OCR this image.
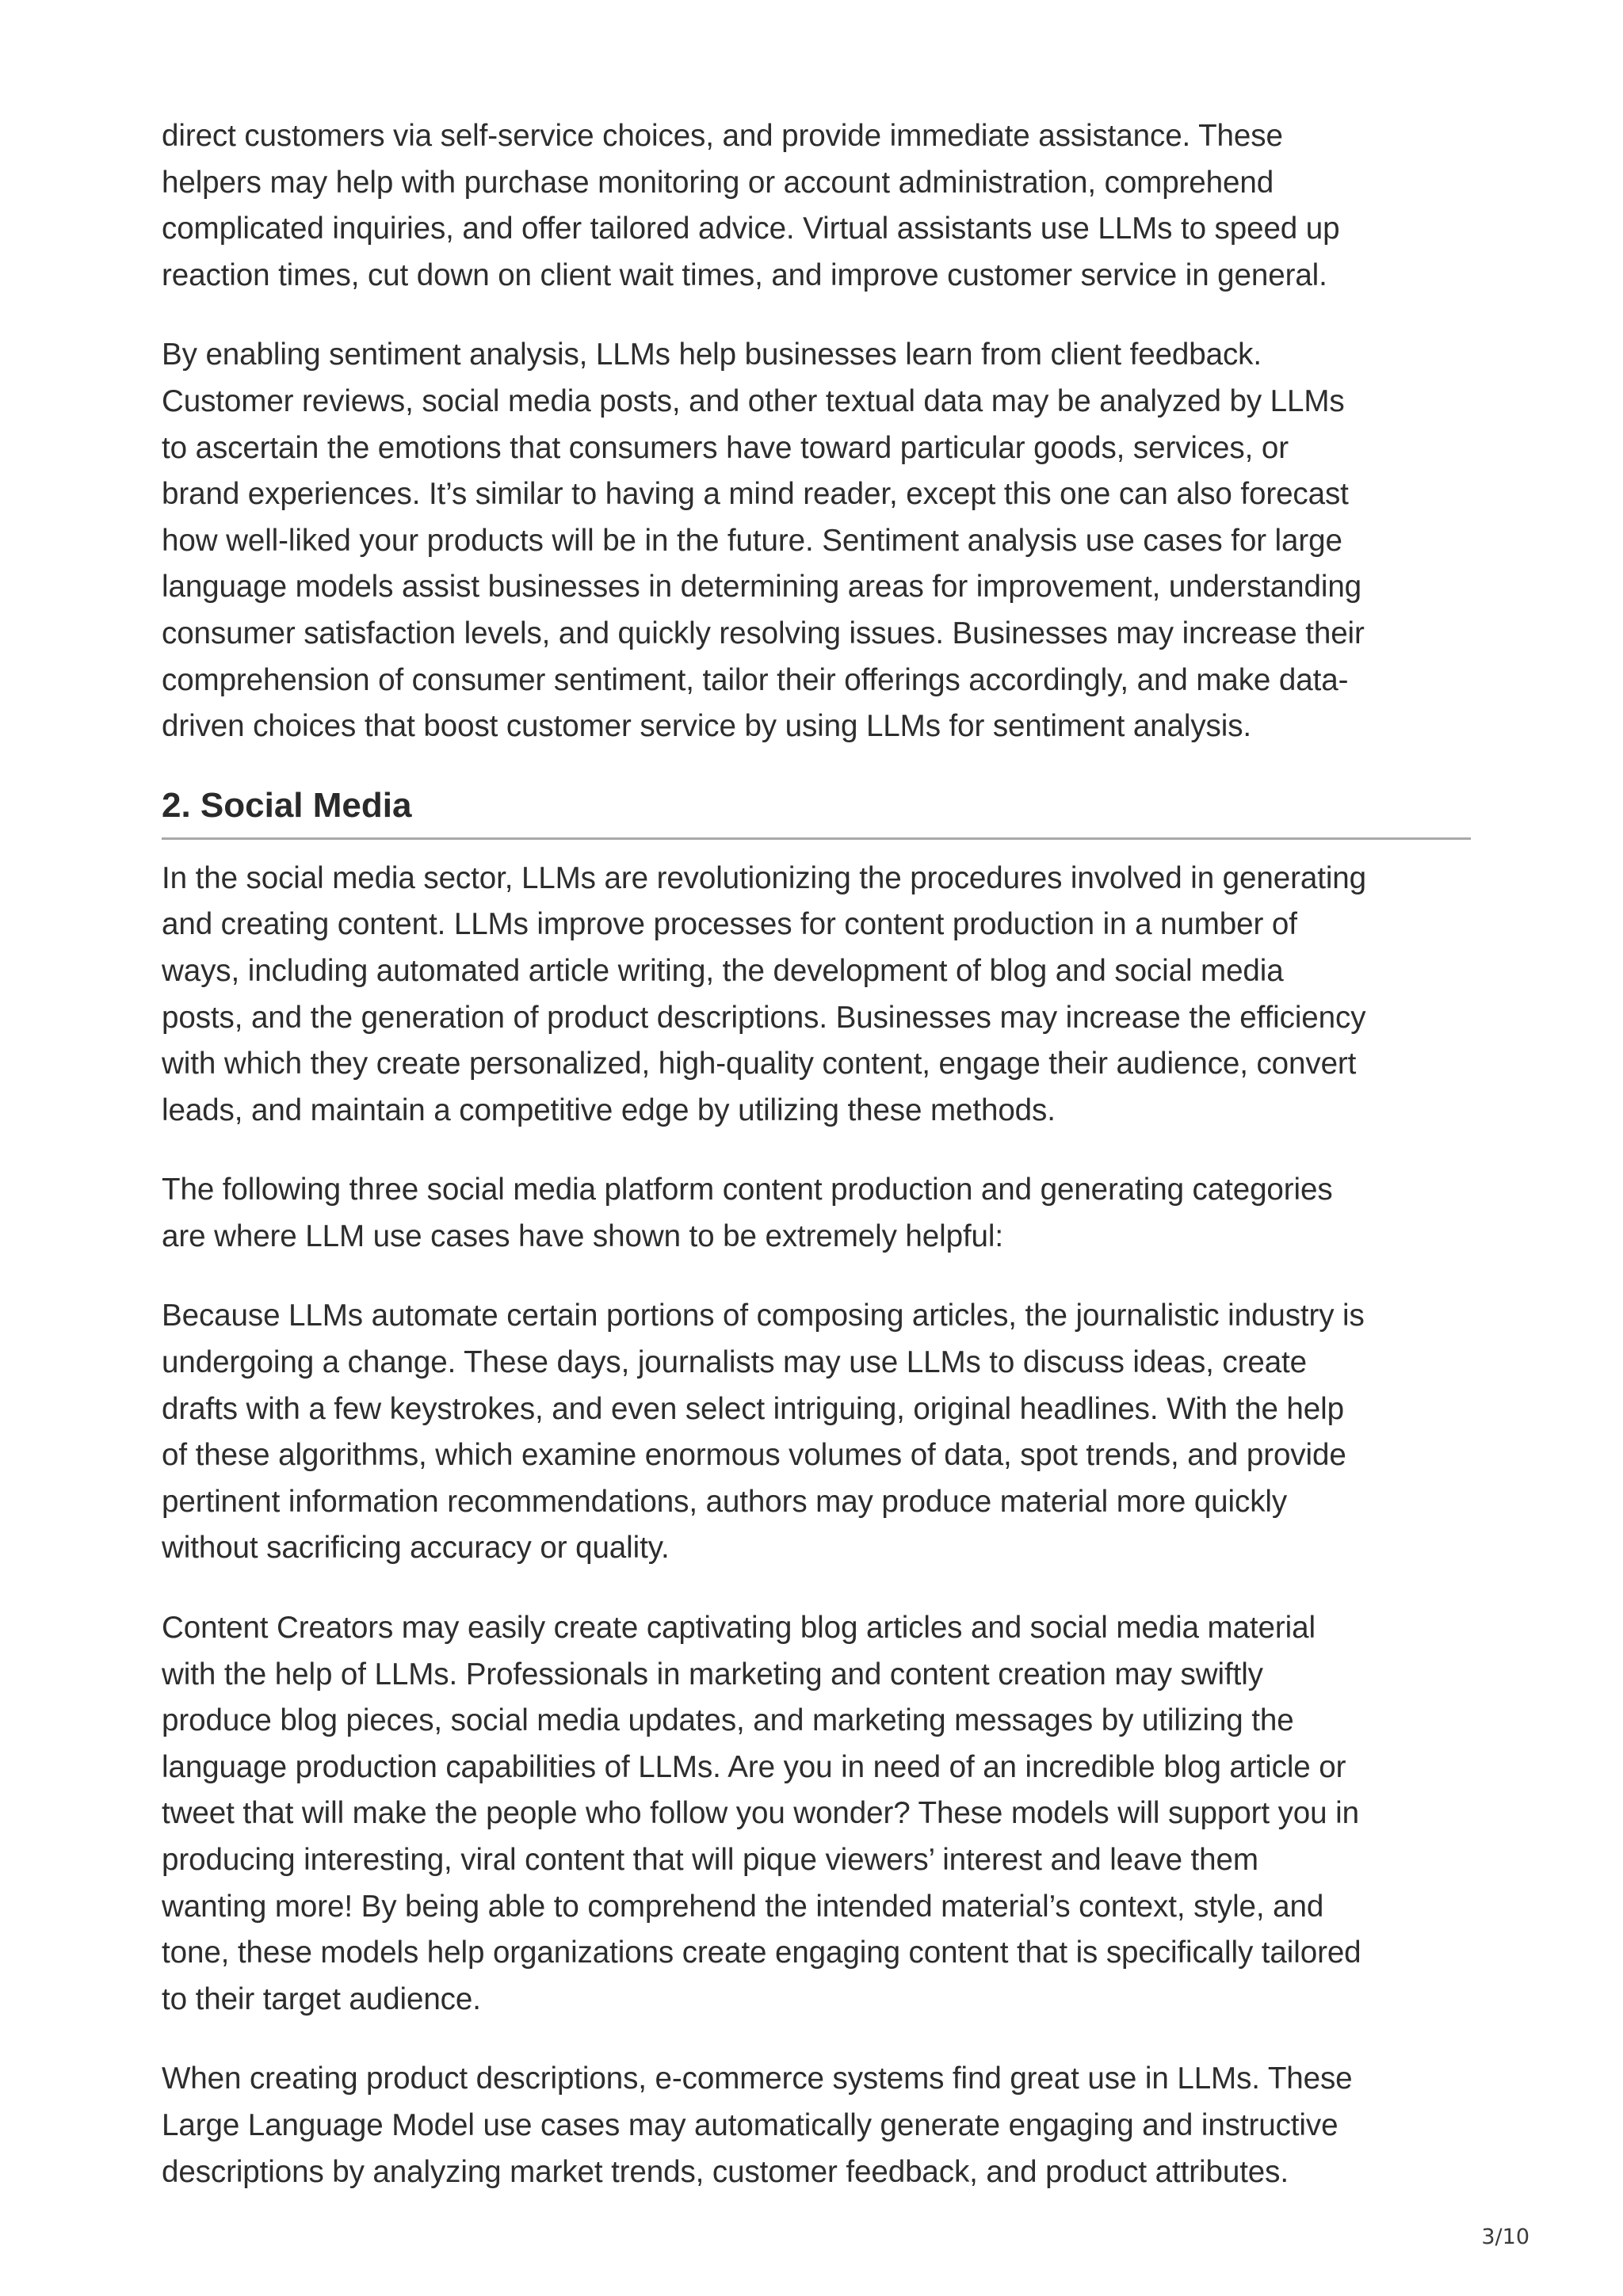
direct customers via self-service choices, and provide immediate assistance. These
helpers may help with purchase monitoring or account administration, comprehend
complicated inquiries, and offer tailored advice. Virtual assistants use LLMs to speed up
reaction times, cut down on client wait times, and improve customer service in general.

By enabling sentiment analysis, LLMs help businesses learn from client feedback.
Customer reviews, social media posts, and other textual data may be analyzed by LLMs
to ascertain the emotions that consumers have toward particular goods, services, or
brand experiences. It’s similar to having a mind reader, except this one can also forecast
how well-liked your products will be in the future. Sentiment analysis use cases for large
language models assist businesses in determining areas for improvement, understanding
consumer satisfaction levels, and quickly resolving issues. Businesses may increase their
comprehension of consumer sentiment, tailor their offerings accordingly, and make data-
driven choices that boost customer service by using LLMs for sentiment analysis.

2. Social Media

In the social media sector, LLMs are revolutionizing the procedures involved in generating
and creating content. LLMs improve processes for content production in a number of
ways, including automated article writing, the development of blog and social media
posts, and the generation of product descriptions. Businesses may increase the efficiency
with which they create personalized, high-quality content, engage their audience, convert
leads, and maintain a competitive edge by utilizing these methods.

The following three social media platform content production and generating categories
are where LLM use cases have shown to be extremely helpful:

Because LLMs automate certain portions of composing articles, the journalistic industry is
undergoing a change. These days, journalists may use LLMs to discuss ideas, create
drafts with a few keystrokes, and even select intriguing, original headlines. With the help
of these algorithms, which examine enormous volumes of data, spot trends, and provide
pertinent information recommendations, authors may produce material more quickly
without sacrificing accuracy or quality.

Content Creators may easily create captivating blog articles and social media material
with the help of LLMs. Professionals in marketing and content creation may swiftly
produce blog pieces, social media updates, and marketing messages by utilizing the
language production capabilities of LLMs. Are you in need of an incredible blog article or
tweet that will make the people who follow you wonder? These models will support you in
producing interesting, viral content that will pique viewers’ interest and leave them
wanting more! By being able to comprehend the intended material’s context, style, and
tone, these models help organizations create engaging content that is specifically tailored
to their target audience.

When creating product descriptions, e-commerce systems find great use in LLMs. These
Large Language Model use cases may automatically generate engaging and instructive
descriptions by analyzing market trends, customer feedback, and product attributes.

3/10
